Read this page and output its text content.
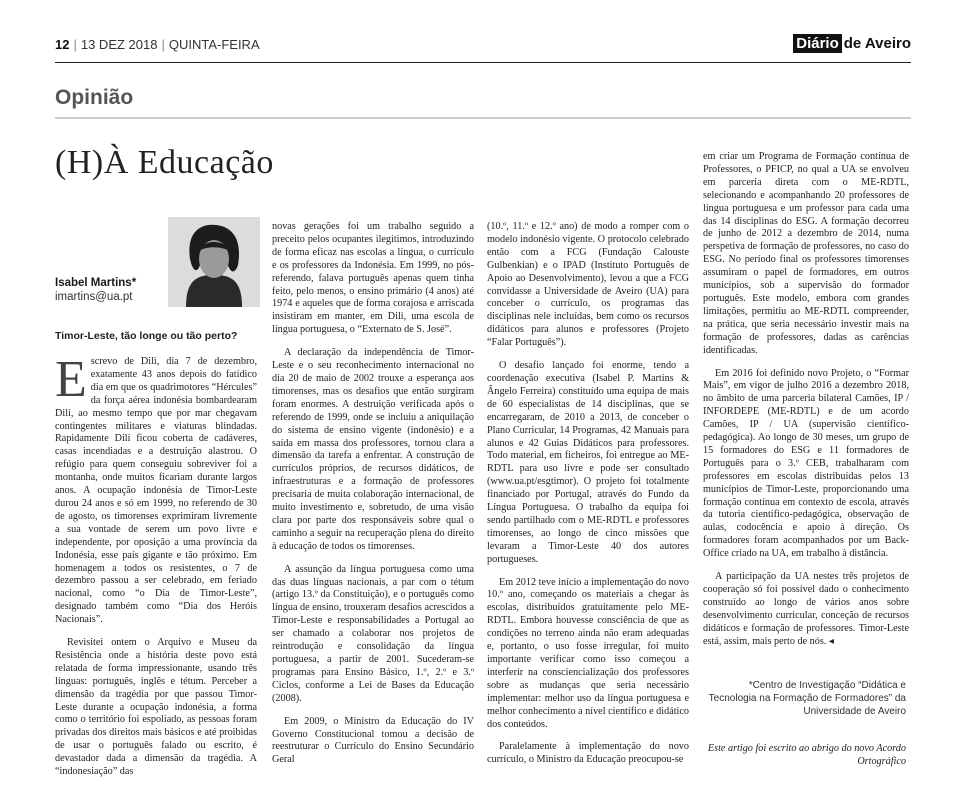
12 | 13 DEZ 2018 | QUINTA-FEIRA	Diário de Aveiro
Opinião
(H)À Educação
Isabel Martins*
imartins@ua.pt
Timor-Leste, tão longe ou tão perto?

Escrevo de Dili, dia 7 de dezembro, exatamente 43 anos depois do fatídico dia em que os quadrimotores “Hércules” da força aérea indonésia bombardearam Dili, ao mesmo tempo que por mar chegavam contingentes militares e viaturas blindadas. Rapidamente Dili ficou coberta de cadáveres, casas incendiadas e a destruição alastrou. O refúgio para quem conseguiu sobreviver foi a montanha, onde muitos ficariam durante largos anos. A ocupação indonésia de Timor-Leste durou 24 anos e só em 1999, no referendo de 30 de agosto, os timorenses exprimiram livremente a sua vontade de serem um povo livre e independente, por oposição a uma província da Indonésia, esse país gigante e tão próximo. Em homenagem a todos os resistentes, o 7 de dezembro passou a ser celebrado, em feriado nacional, como “o Dia de Timor-Leste”, designado também como “Dia dos Heróis Nacionais”.

Revisitei ontem o Arquivo e Museu da Resistência onde a história deste povo está relatada de forma impressionante, usando três línguas: português, inglês e tétum. Perceber a dimensão da tragédia por que passou Timor-Leste durante a ocupação indonésia, a forma como o território foi espoliado, as pessoas foram privadas dos direitos mais básicos e até proibidas de usar o português falado ou escrito, é devastador dada a dimensão da tragédia. A “indonesiação” das

novas gerações foi um trabalho seguido a preceito pelos ocupantes ilegítimos, introduzindo de forma eficaz nas escolas a língua, o currículo e os professores da Indonésia. Em 1999, no pós-referendo, falava português apenas quem tinha feito, pelo menos, o ensino primário (4 anos) até 1974 e aqueles que de forma corajosa e arriscada insistiram em manter, em Dili, uma escola de língua portuguesa, o “Externato de S. José”.

A declaração da independência de Timor-Leste e o seu reconhecimento internacional no dia 20 de maio de 2002 trouxe a esperança aos timorenses, mas os desafios que então surgiram foram enormes. A destruição verificada após o referendo de 1999, onde se incluiu a aniquilação do sistema de ensino vigente (indonésio) e a saída em massa dos professores, tornou clara a dimensão da tarefa a enfrentar. A construção de currículos próprios, de recursos didáticos, de infraestruturas e a formação de professores precisaria de muita colaboração internacional, de muito investimento e, sobretudo, de uma visão clara por parte dos responsáveis sobre qual o caminho a seguir na recuperação plena do direito à educação de todos os timorenses.

A assunção da língua portuguesa como uma das duas línguas nacionais, a par com o tétum (artigo 13.º da Constituição), e o português como língua de ensino, trouxeram desafios acrescidos a Timor-Leste e responsabilidades a Portugal ao ser chamado a colaborar nos projetos de reintrodução e consolidação da língua portuguesa, a partir de 2001. Sucederam-se programas para Ensino Básico, 1.º, 2.º e 3.º Ciclos, conforme a Lei de Bases da Educação (2008).

Em 2009, o Ministro da Educação do IV Governo Constitucional tomou a decisão de reestruturar o Currículo do Ensino Secundário Geral

(10.º, 11.º e 12.º ano) de modo a romper com o modelo indonésio vigente. O protocolo celebrado então com a FCG (Fundação Calouste Gulbenkian) e o IPAD (Instituto Português de Apoio ao Desenvolvimento), levou a que a FCG convidasse a Universidade de Aveiro (UA) para conceber o currículo, os programas das disciplinas nele incluídas, bem como os recursos didáticos para alunos e professores (Projeto “Falar Português”).

O desafio lançado foi enorme, tendo a coordenação executiva (Isabel P. Martins & Ângelo Ferreira) constituído uma equipa de mais de 60 especialistas de 14 disciplinas, que se encarregaram, de 2010 a 2013, de conceber o Plano Curricular, 14 Programas, 42 Manuais para alunos e 42 Guias Didáticos para professores. Todo material, em ficheiros, foi entregue ao ME-RDTL para uso livre e pode ser consultado (www.ua.pt/esgtimor). O projeto foi totalmente financiado por Portugal, através do Fundo da Língua Portuguesa. O trabalho da equipa foi sendo partilhado com o ME-RDTL e professores timorenses, ao longo de cinco missões que levaram a Timor-Leste 40 dos autores portugueses.

Em 2012 teve início a implementação do novo 10.º ano, começando os materiais a chegar às escolas, distribuídos gratuitamente pelo ME-RDTL. Embora houvesse consciência de que as condições no terreno ainda não eram adequadas e, portanto, o uso fosse irregular, foi muito importante verificar como isso começou a interferir na consciencialização dos professores sobre as mudanças que seria necessário implementar: melhor uso da língua portuguesa e melhor conhecimento a nível científico e didático dos conteúdos.

Paralelamente à implementação do novo currículo, o Ministro da Educação preocupou-se

em criar um Programa de Formação contínua de Professores, o PFICP, no qual a UA se envolveu em parceria direta com o ME-RDTL, selecionando e acompanhando 20 professores de língua portuguesa e um professor para cada uma das 14 disciplinas do ESG. A formação decorreu de junho de 2012 a dezembro de 2014, numa perspetiva de formação de professores, no caso do ESG. No período final os professores timorenses assumiram o papel de formadores, em outros municípios, sob a supervisão do formador português. Este modelo, embora com grandes limitações, permitiu ao ME-RDTL compreender, na prática, que seria necessário investir mais na formação de professores, dadas as carências identificadas.

Em 2016 foi definido novo Projeto, o “Formar Mais”, em vigor de julho 2016 a dezembro 2018, no âmbito de uma parceria bilateral Camões, IP / INFORDEPE (ME-RDTL) e de um acordo Camões, IP / UA (supervisão científico-pedagógica). Ao longo de 30 meses, um grupo de 15 formadores do ESG e 11 formadores de Português para o 3.º CEB, trabalharam com professores em escolas distribuídas pelos 13 municípios de Timor-Leste, proporcionando uma formação contínua em contexto de escola, através da tutoria científico-pedagógica, observação de aulas, codocência e apoio à direção. Os formadores foram acompanhados por um Back-Office criado na UA, em trabalho à distância.

A participação da UA nestes três projetos de cooperação só foi possível dado o conhecimento construído ao longo de vários anos sobre desenvolvimento curricular, conceção de recursos didáticos e formação de professores. Timor-Leste está, assim, mais perto de nós. ◂

*Centro de Investigação “Didática e Tecnologia na Formação de Formadores” da Universidade de Aveiro
Este artigo foi escrito ao abrigo do novo Acordo Ortográfico
